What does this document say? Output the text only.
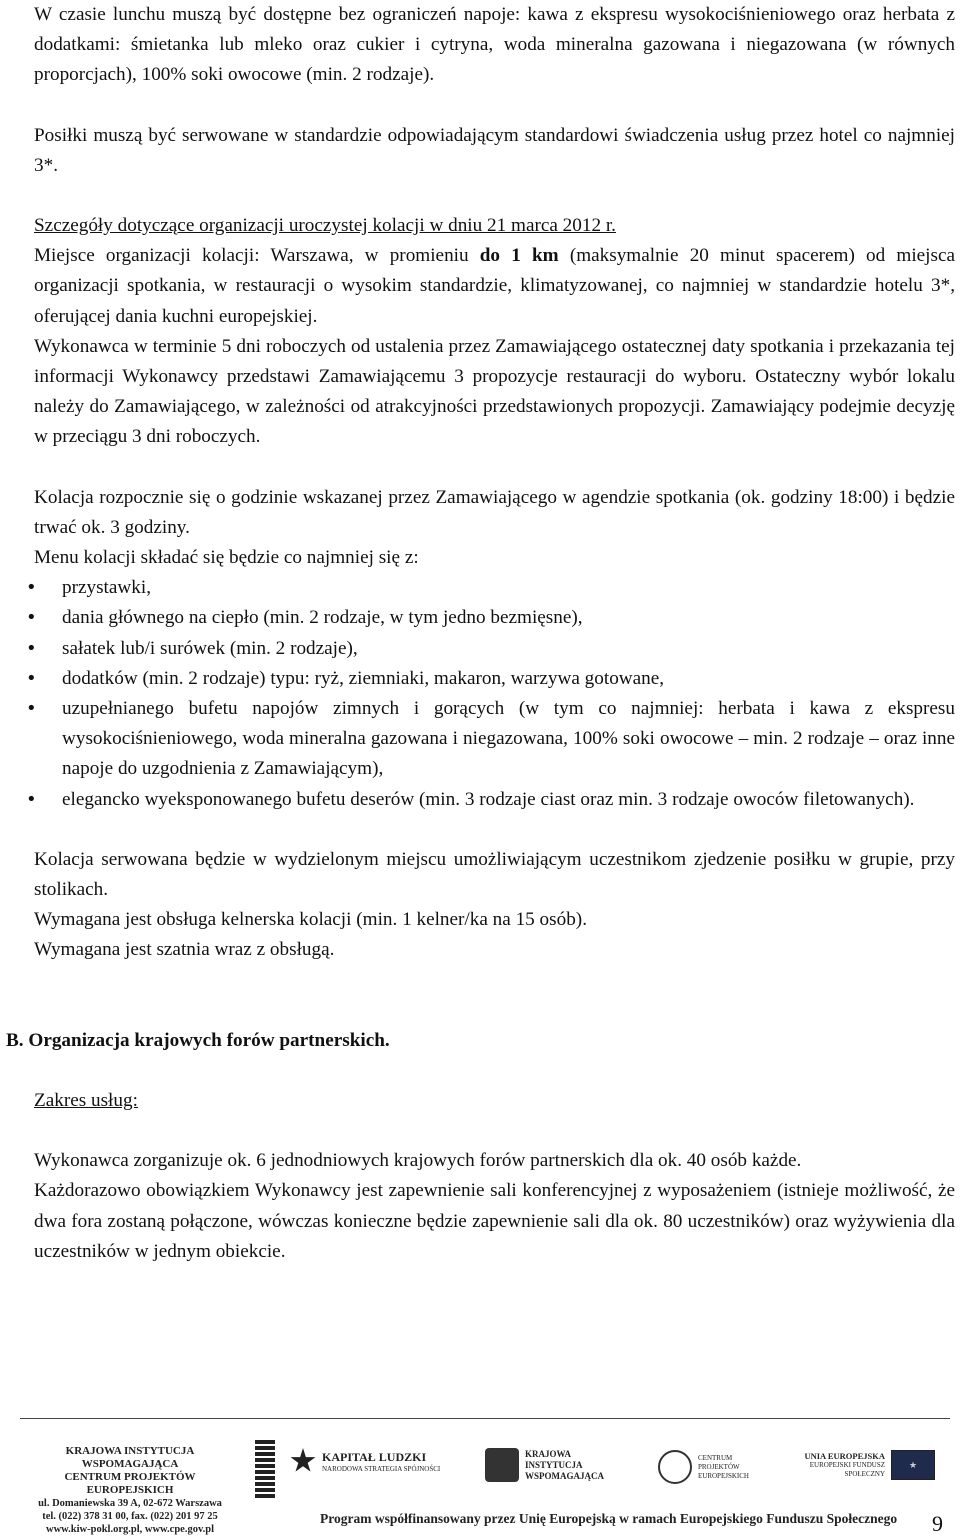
W czasie lunchu muszą być dostępne bez ograniczeń napoje: kawa z ekspresu wysokociśnieniowego oraz herbata z dodatkami: śmietanka lub mleko oraz cukier i cytryna, woda mineralna gazowana i niegazowana (w równych proporcjach), 100% soki owocowe (min. 2 rodzaje).

Posiłki muszą być serwowane w standardzie odpowiadającym standardowi świadczenia usług przez hotel co najmniej 3*.

Szczegóły dotyczące organizacji uroczystej kolacji w dniu 21 marca 2012 r.

Miejsce organizacji kolacji: Warszawa, w promieniu do 1 km (maksymalnie 20 minut spacerem) od miejsca organizacji spotkania, w restauracji o wysokim standardzie, klimatyzowanej, co najmniej w standardzie hotelu 3*, oferującej dania kuchni europejskiej.

Wykonawca w terminie 5 dni roboczych od ustalenia przez Zamawiającego ostatecznej daty spotkania i przekazania tej informacji Wykonawcy przedstawi Zamawiającemu 3 propozycje restauracji do wyboru. Ostateczny wybór lokalu należy do Zamawiającego, w zależności od atrakcyjności przedstawionych propozycji. Zamawiający podejmie decyzję w przeciągu 3 dni roboczych.

Kolacja rozpocznie się o godzinie wskazanej przez Zamawiającego w agendzie spotkania (ok. godziny 18:00) i będzie trwać ok. 3 godziny.

Menu kolacji składać się będzie co najmniej się z:

• przystawki,
• dania głównego na ciepło (min. 2 rodzaje, w tym jedno bezmięsne),
• sałatek lub/i surówek (min. 2 rodzaje),
• dodatków (min. 2 rodzaje) typu: ryż, ziemniaki, makaron, warzywa gotowane,
• uzupełnianego bufetu napojów zimnych i gorących (w tym co najmniej: herbata i kawa z ekspresu wysokociśnieniowego, woda mineralna gazowana i niegazowana, 100% soki owocowe – min. 2 rodzaje – oraz inne napoje do uzgodnienia z Zamawiającym),
• elegancko wyeksponowanego bufetu deserów (min. 3 rodzaje ciast oraz min. 3 rodzaje owoców filetowanych).

Kolacja serwowana będzie w wydzielonym miejscu umożliwiającym uczestnikom zjedzenie posiłku w grupie, przy stolikach.

Wymagana jest obsługa kelnerska kolacji (min. 1 kelner/ka na 15 osób).

Wymagana jest szatnia wraz z obsługą.

B. Organizacja krajowych forów partnerskich.

Zakres usług:

Wykonawca zorganizuje ok. 6 jednodniowych krajowych forów partnerskich dla ok. 40 osób każde.

Każdorazowo obowiązkiem Wykonawcy jest zapewnienie sali konferencyjnej z wyposażeniem (istnieje możliwość, że dwa fora zostaną połączone, wówczas konieczne będzie zapewnienie sali dla ok. 80 uczestników) oraz wyżywienia dla uczestników w jednym obiekcie.

KRAJOWA INSTYTUCJA WSPOMAGAJĄCA
CENTRUM PROJEKTÓW EUROPEJSKICH
ul. Domaniewska 39 A, 02-672 Warszawa
tel. (022) 378 31 00, fax. (022) 201 97 25
www.kiw-pokl.org.pl, www.cpe.gov.pl
KAPITAŁ LUDZKI
NARODOWA STRATEGIA SPÓJNOŚCI
KRAJOWA INSTYTUCJA WSPOMAGAJĄCA
CENTRUM PROJEKTÓW EUROPEJSKICH
UNIA EUROPEJSKA
EUROPEJSKI FUNDUSZ SPOŁECZNY
★
Program współfinansowany przez Unię Europejską w ramach Europejskiego Funduszu Społecznego 9
